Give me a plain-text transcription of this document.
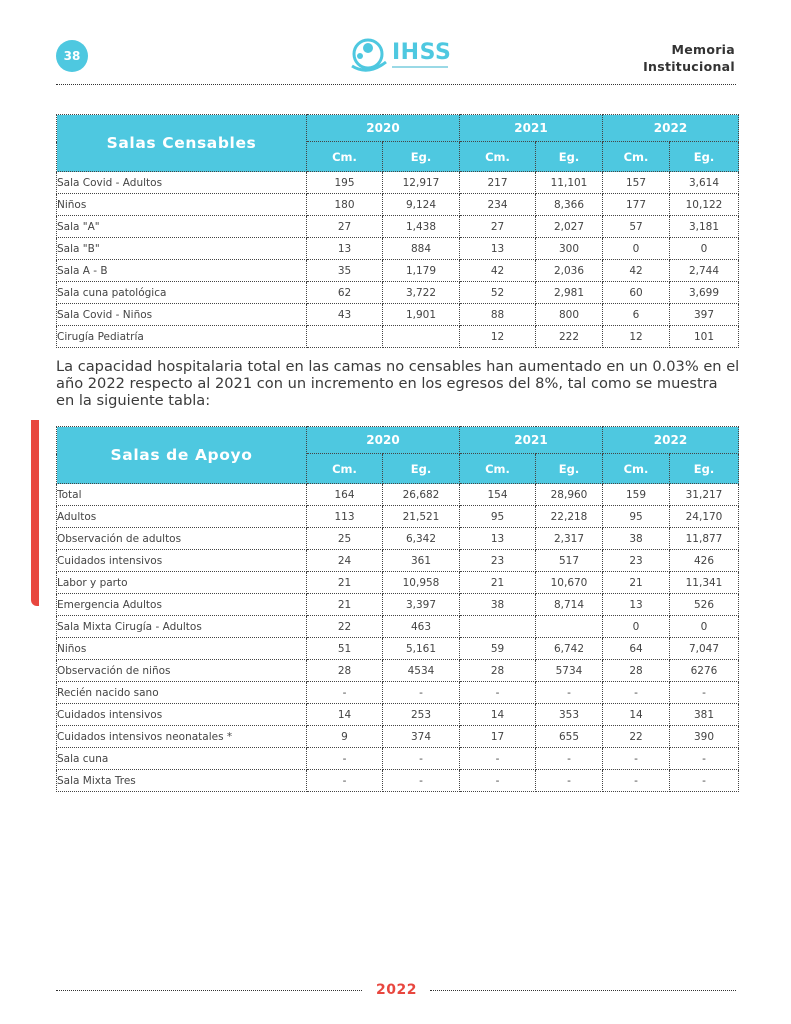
38	IHSS	Memoria
Institucional
Salas Censables	2020		2021		2022	
	Cm.	Eg.	Cm.	Eg.	Cm.	Eg.
Sala Covid - Adultos	195	12,917	217	11,101	157	3,614
Niños	180	9,124	234	8,366	177	10,122
Sala "A"	27	1,438	27	2,027	57	3,181
Sala "B"	13	884	13	300	0	0
Sala A - B	35	1,179	42	2,036	42	2,744
Sala cuna patológica	62	3,722	52	2,981	60	3,699
Sala Covid - Niños	43	1,901	88	800	6	397
Cirugía Pediatría			12	222	12	101

La capacidad hospitalaria total en las camas no censables han aumentado en un 0.03% en el año 2022 respecto al 2021 con un incremento en los egresos del 8%, tal como se muestra en la siguiente tabla:

Salas de Apoyo	2020		2021		2022	
	Cm.	Eg.	Cm.	Eg.	Cm.	Eg.
Total	164	26,682	154	28,960	159	31,217
Adultos	113	21,521	95	22,218	95	24,170
Observación de adultos	25	6,342	13	2,317	38	11,877
Cuidados intensivos	24	361	23	517	23	426
Labor y parto	21	10,958	21	10,670	21	11,341
Emergencia Adultos	21	3,397	38	8,714	13	526
Sala Mixta Cirugía - Adultos	22	463			0	0
Niños	51	5,161	59	6,742	64	7,047
Observación de niños	28	4534	28	5734	28	6276
Recién nacido sano	-	-	-	-	-	-
Cuidados intensivos	14	253	14	353	14	381
Cuidados intensivos neonatales *	9	374	17	655	22	390
Sala cuna	-	-	-	-	-	-
Sala Mixta Tres	-	-	-	-	-	-
2022
